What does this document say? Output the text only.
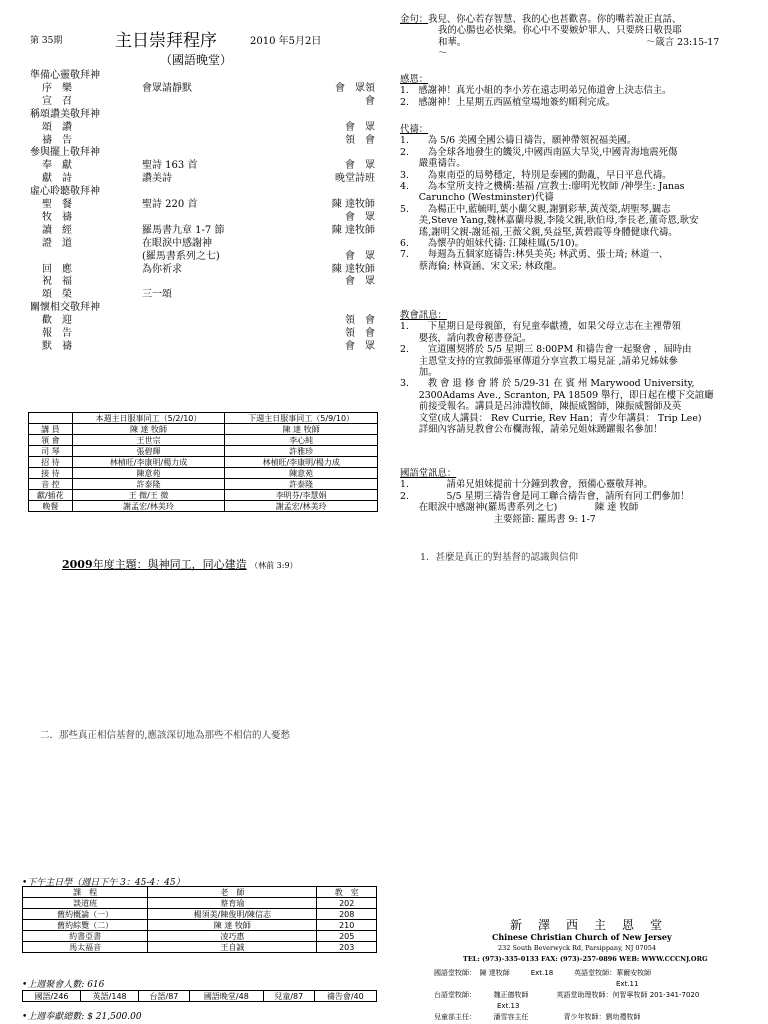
第 35期	主日崇拜程序	2010 年5月2日
（國語晚堂）
準備心靈敬拜神
序　樂	會眾請靜默	會　眾領
宣　召	會
稱頌讚美敬拜神
頌　讚	會　眾
禱　告	領　會
參與擺上敬拜神
奉　獻	聖詩 163 首	會　眾
獻　詩	讚美詩	晚堂詩班
虛心聆聽敬拜神
聖　餐	聖詩 220 首	陳 達牧師
牧　禱	會　眾
讀　經	羅馬書九章 1-7 節	陳 達牧師
證　道	在眼淚中感謝神
(羅馬書系列之七)	會　眾
回　應	為你祈求	陳 達牧師
祝　福	會　眾
頌　榮	三一頌
關懷相交敬拜神
歡　迎	領　會
報　告	領　會
默　禱	會　眾
	本週主日服事同工（5/2/10）	下週主日服事同工（5/9/10）
講 員	陳 達 牧師	陳 達 牧師
領 會	王世宗	李心純
司 琴	張碧輝	許雅珍
招 待	林楨旺/李康明/楊力成	林楨旺/李康明/楊力成
接 待	陳意苑	陳意苑
音 控	許泰隆	許泰隆
獻/插花	王 微/王 微	李明芬/李慧娟
晚餐	謝孟宏/林美玲	謝孟宏/林美玲
2009年度主題：與神同工，同心建造 （林前 3:9）
二．那些真正相信基督的,應該深切地為那些不相信的人憂愁
•下午主日學（週日下午 3：45-4：45）
課　程	老　師	教　室
談道班	蔡育瑜	202
舊約概論（一）	楊須美/陳俊明/陳信志	208
舊約綜覽（二）	陳 達 牧師	210
約書亞書	凌巧惠	205
馬太福音	王自誠	203
•上週聚會人數: 616
國語/246	英語/148	台語/87	國語晚堂/48	兒童/87	禱告會/40
•上週奉獻總數: $ 21,500.00
金句：我兒、你心若存智慧、我的心也甚歡喜。你的嘴若說正直話、
我的心腸也必快樂。你心中不要嫉妒罪人、只要終日敬畏耶
和華。	～箴言 23:15-17
～
感恩：
1.　感謝神！真光小組的李小芳在遠志明弟兄佈道會上決志信主。
2.　感謝神！上星期五西區植堂場地簽約順利完成。
代禱：
1.　　為 5/6 美國全國公禱日禱告，願神帶領祝福美國。
2.　　為全球各地發生的饑災,中國西南區大旱災,中國青海地震死傷
　　嚴重禱告。
3.　　為東南亞的局勢穩定，特別是泰國的動亂，早日平息代禱。
4.　　為本堂所支持之機構:基福 /宣教士:廖明光牧師 /神學生: Janas
　　Caruncho (Westminster)代禱
5.　　為楊正中,藍毓明,葉小蘭父親,謝劉彩華,黃茂榮,胡聖琴,闞志
　　美,Steve Yang,魏林嘉蘭母親,李陵父親,耿伯母,李長老,董奇恩,耿安
　　瑤,謝明父親-謝延福,王薇父親,吳益堅,黃碧霞等身體健康代禱。
6.　　為懷孕的姐妹代禱: 江陳桂鳳(5/10)。
7.　　每週為五個家庭禱告:林吳美英; 林武勇、張士琦; 林道一、
　　蔡海倫; 林資涵、宋文采; 林政龍。
教會訊息：
1.　　下星期日是母親節，有兒童奉獻禮，如果父母立志在主裡帶領
　　嬰孩，請向教會秘書登記。
2.　　宣道團契將於 5/5 星期三 8:00PM 和禱告會一起聚會 ，屆時由
　　主恩堂支持的宣教師張軍傳道分享宣教工場見証 ,請弟兄姊妹參
　　加。
3.　　教 會 退 修 會 將 於 5/29-31 在 賓 州 Marywood University,
　　2300Adams Ave., Scranton, PA 18509 舉行，即日起在樓下交誼廳
　　前接受報名。講員是呂沛淵牧師，陳振威醫師，陳振威醫師及英
　　文堂(成人講員： Rev Currie, Rev Han；青少年講員： Trip Lee)
　　詳細內容請見教會公布欄海報，請弟兄姐妹踴躍報名參加！
國語堂訊息：
1.　　　　請弟兄姐妹提前十分鐘到教會，預備心靈敬拜神。
2.　　　　5/5 星期三禱告會是同工聯合禱告會，請所有同工們參加！
　　在眼淚中感謝神(羅馬書系列之七)　　　　陳 達 牧師
　　　　　　　　　　主要經節: 羅馬書 9: 1-7
1．甚麼是真正的對基督的認識與信仰
新　澤　西　主　恩　堂
Chinese Christian Church of New Jersey
232 South Beverwyck Rd, Parsippany, NJ 07054
TEL: (973)-335-0133 FAX: (973)-257-0896 WEB: WWW.CCCNJ.ORG
國語堂牧師：　陳 達牧師　　　Ext.18　　　英語堂牧師：華爾安牧師
　　　　　　　　　　　　　　　　　　　　　　　　　　Ext.11
台語堂牧師：　　　魏正德牧師　　　　英語堂助理牧師：何智寧牧師 201-341-7020
　　　　　　　　　Ext.13
兒童部主任：　　　潘雪容主任　　　　　青少年牧師：劉幼禮牧師
